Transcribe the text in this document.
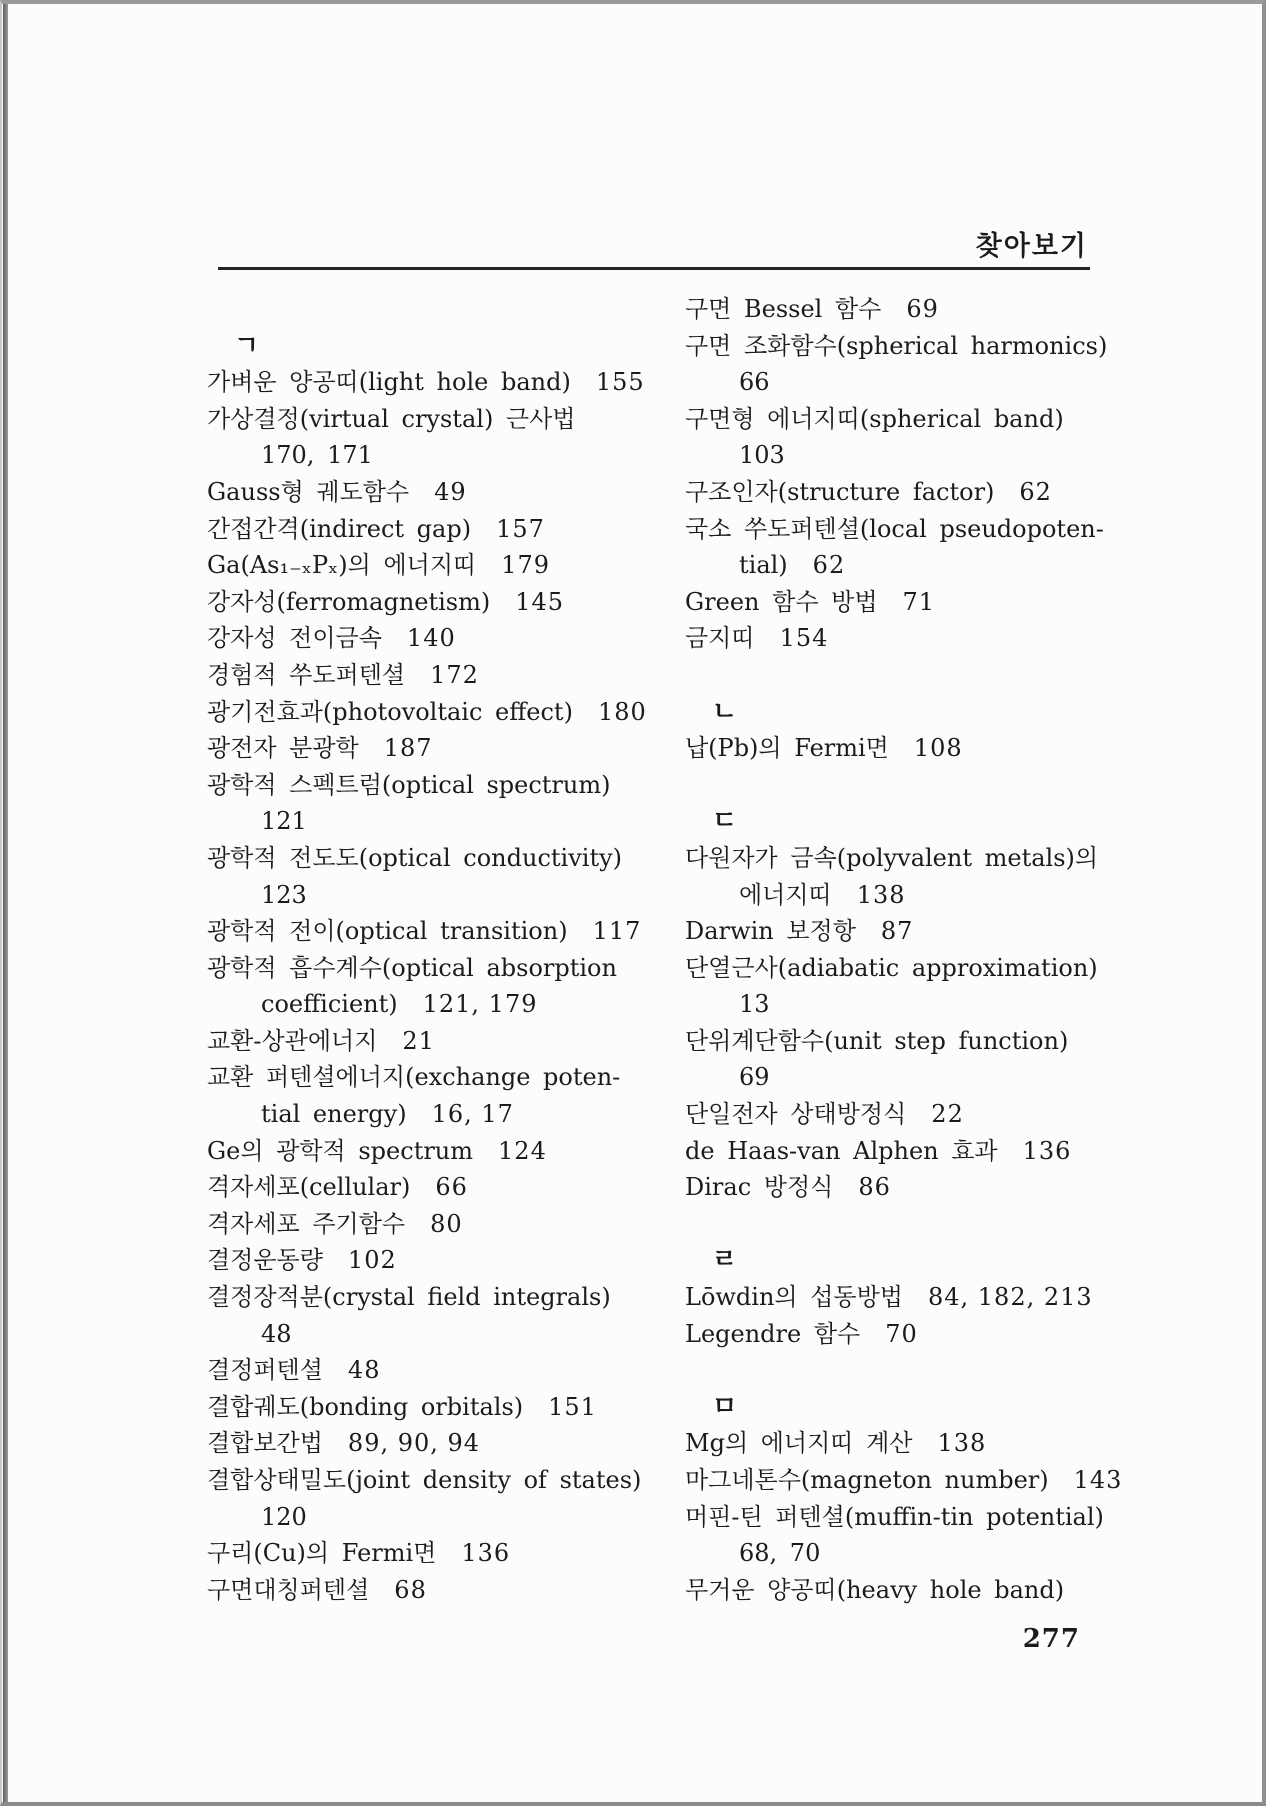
찾아보기
ㄱ
가벼운 양공띠(light hole band) 155
가상결정(virtual crystal) 근사법
170, 171
Gauss형 궤도함수 49
간접간격(indirect gap) 157
Ga(As₁₋ₓPₓ)의 에너지띠 179
강자성(ferromagnetism) 145
강자성 전이금속 140
경험적 쑤도퍼텐셜 172
광기전효과(photovoltaic effect) 180
광전자 분광학 187
광학적 스펙트럼(optical spectrum)
121
광학적 전도도(optical conductivity)
123
광학적 전이(optical transition) 117
광학적 흡수계수(optical absorption
coefficient) 121, 179
교환-상관에너지 21
교환 퍼텐셜에너지(exchange poten-
tial energy) 16, 17
Ge의 광학적 spectrum 124
격자세포(cellular) 66
격자세포 주기함수 80
결정운동량 102
결정장적분(crystal field integrals)
48
결정퍼텐셜 48
결합궤도(bonding orbitals) 151
결합보간법 89, 90, 94
결합상태밀도(joint density of states)
120
구리(Cu)의 Fermi면 136
구면대칭퍼텐셜 68
구면 Bessel 함수 69
구면 조화함수(spherical harmonics)
66
구면형 에너지띠(spherical band)
103
구조인자(structure factor) 62
국소 쑤도퍼텐셜(local pseudopoten-
tial) 62
Green 함수 방법 71
금지띠 154
ㄴ
납(Pb)의 Fermi면 108
ㄷ
다원자가 금속(polyvalent metals)의
에너지띠 138
Darwin 보정항 87
단열근사(adiabatic approximation)
13
단위계단함수(unit step function)
69
단일전자 상태방정식 22
de Haas-van Alphen 효과 136
Dirac 방정식 86
ㄹ
Lōwdin의 섭동방법 84, 182, 213
Legendre 함수 70
ㅁ
Mg의 에너지띠 계산 138
마그네톤수(magneton number) 143
머핀-틴 퍼텐셜(muffin-tin potential)
68, 70
무거운 양공띠(heavy hole band)
277
